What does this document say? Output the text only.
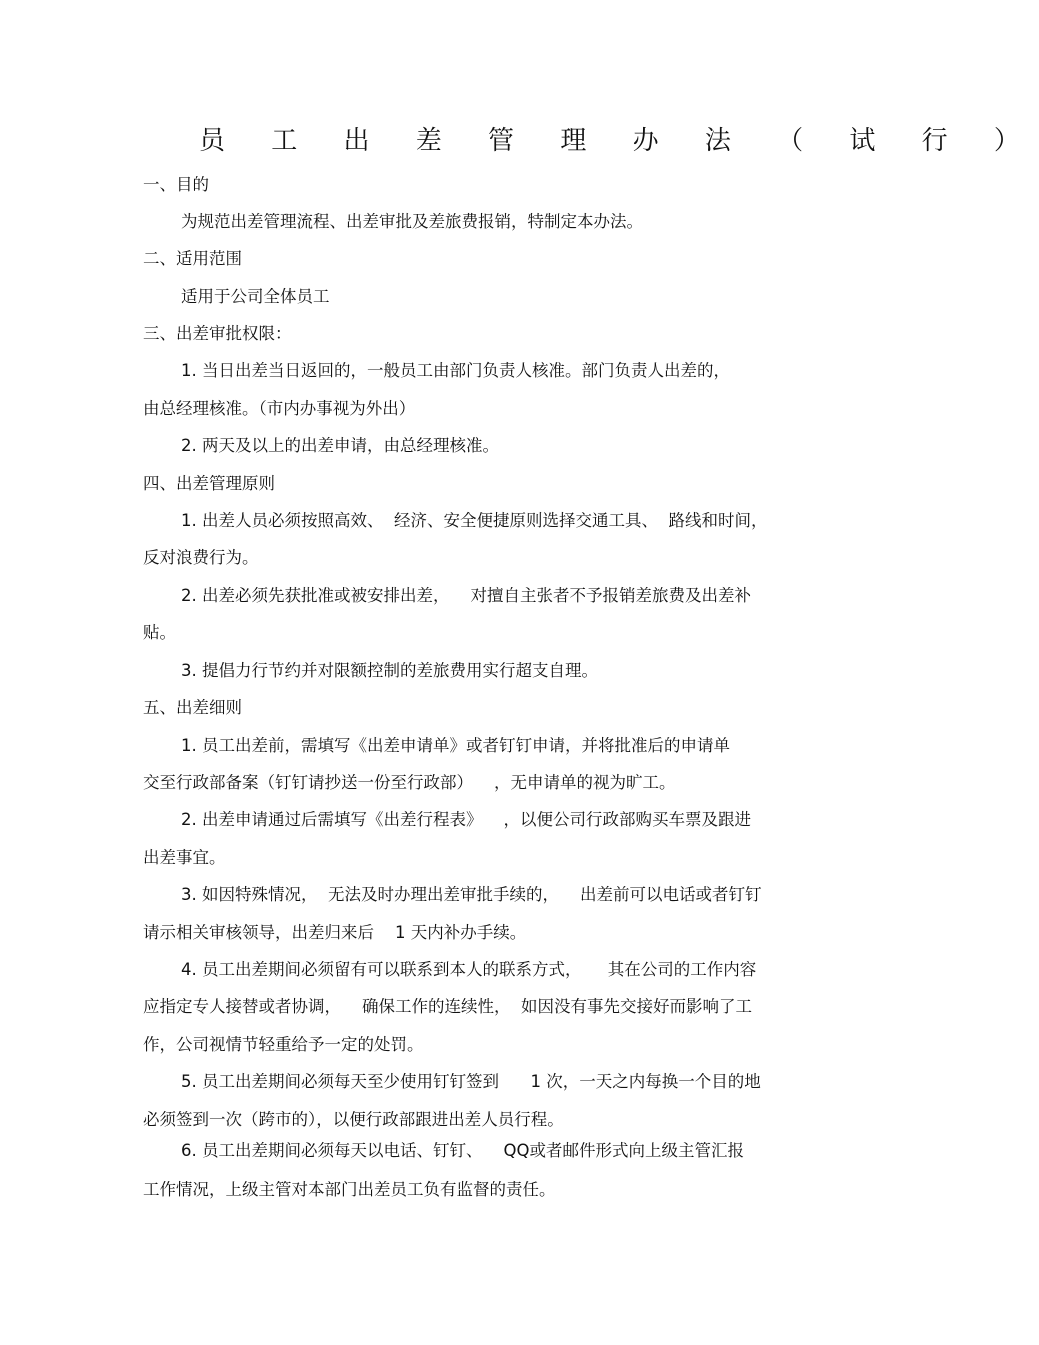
员 工 出 差 管 理 办 法 （ 试 行 ）
一、目的
为规范出差管理流程、出差审批及差旅费报销，特制定本办法。
二、适用范围
适用于公司全体员工
三、出差审批权限：
1. 当日出差当日返回的，一般员工由部门负责人核准。部门负责人出差的，
由总经理核准。（市内办事视为外出）
2. 两天及以上的出差申请，由总经理核准。
四、出差管理原则
1. 出差人员必须按照高效、  经济、安全便捷原则选择交通工具、  路线和时间，
反对浪费行为。
2. 出差必须先获批准或被安排出差，    对擅自主张者不予报销差旅费及出差补
贴。
3. 提倡力行节约并对限额控制的差旅费用实行超支自理。
五、出差细则
1. 员工出差前，需填写《出差申请单》或者钉钉申请，并将批准后的申请单
交至行政部备案（钉钉请抄送一份至行政部）    ，无申请单的视为旷工。
2. 出差申请通过后需填写《出差行程表》    ，以便公司行政部购买车票及跟进
出差事宜。
3. 如因特殊情况，  无法及时办理出差审批手续的，    出差前可以电话或者钉钉
请示相关审核领导，出差归来后    1 天内补办手续。
4. 员工出差期间必须留有可以联系到本人的联系方式，     其在公司的工作内容
应指定专人接替或者协调，    确保工作的连续性，  如因没有事先交接好而影响了工
作，公司视情节轻重给予一定的处罚。
5. 员工出差期间必须每天至少使用钉钉签到      1 次，一天之内每换一个目的地
必须签到一次（跨市的），以便行政部跟进出差人员行程。
6. 员工出差期间必须每天以电话、钉钉、    QQ或者邮件形式向上级主管汇报
工作情况，上级主管对本部门出差员工负有监督的责任。
